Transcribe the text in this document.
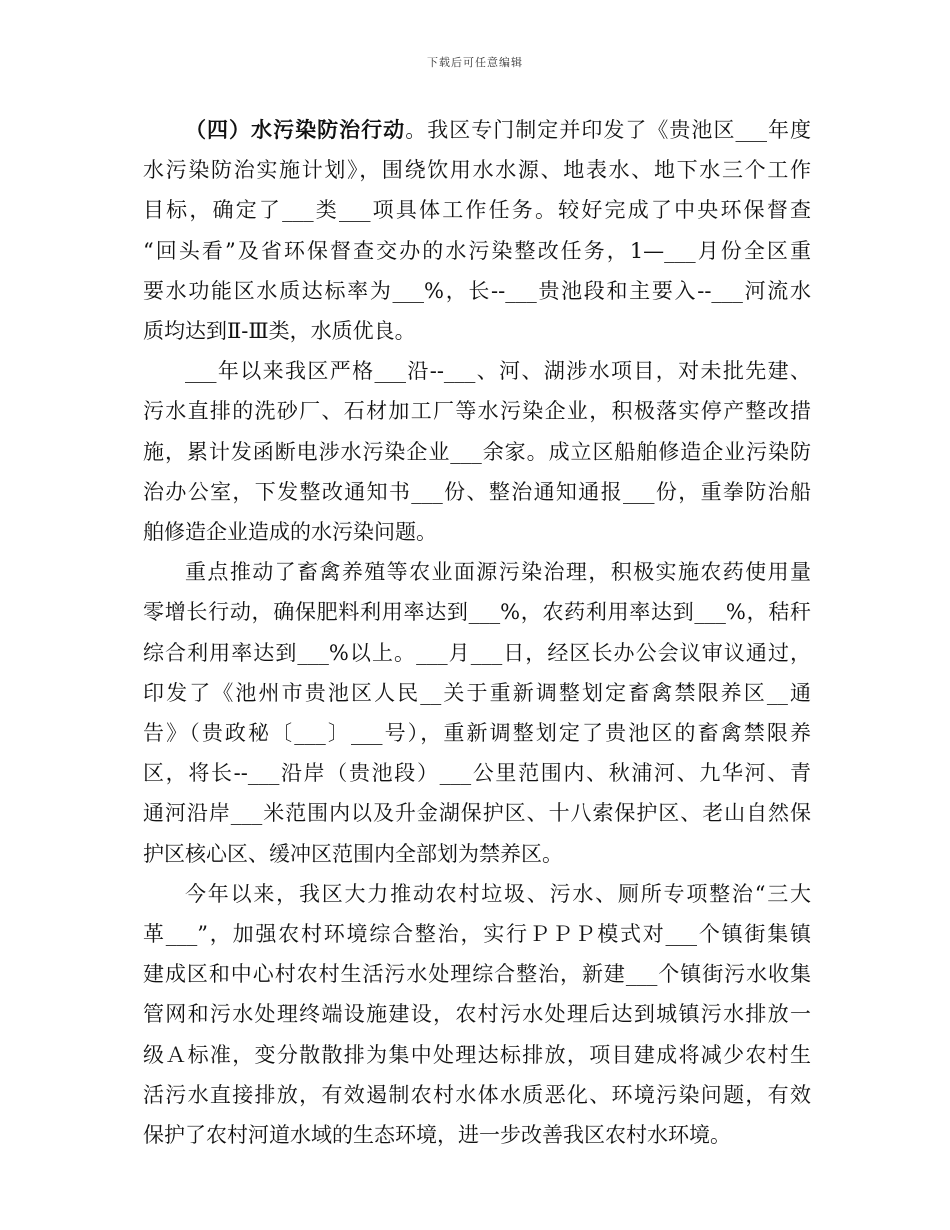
下载后可任意编辑
（四）水污染防治行动。我区专门制定并印发了《贵池区___年度
水污染防治实施计划》，围绕饮用水水源、地表水、地下水三个工作
目标，确定了___类___项具体工作任务。较好完成了中央环保督查
“回头看”及省环保督查交办的水污染整改任务，1—___月份全区重
要水功能区水质达标率为___%，长--___贵池段和主要入--___河流水
质均达到Ⅱ-Ⅲ类，水质优良。
___年以来我区严格___沿--___、河、湖涉水项目，对未批先建、
污水直排的洗砂厂、石材加工厂等水污染企业，积极落实停产整改措
施，累计发函断电涉水污染企业___余家。成立区船舶修造企业污染防
治办公室，下发整改通知书___份、整治通知通报___份，重拳防治船
舶修造企业造成的水污染问题。
重点推动了畜禽养殖等农业面源污染治理，积极实施农药使用量
零增长行动，确保肥料利用率达到___%，农药利用率达到___%，秸秆
综合利用率达到___%以上。___月___日，经区长办公会议审议通过，
印发了《池州市贵池区人民__关于重新调整划定畜禽禁限养区__通
告》（贵政秘〔___〕___号），重新调整划定了贵池区的畜禽禁限养
区，将长--___沿岸（贵池段）___公里范围内、秋浦河、九华河、青
通河沿岸___米范围内以及升金湖保护区、十八索保护区、老山自然保
护区核心区、缓冲区范围内全部划为禁养区。
今年以来，我区大力推动农村垃圾、污水、厕所专项整治“三大
革___”，加强农村环境综合整治，实行ＰＰＰ模式对___个镇街集镇
建成区和中心村农村生活污水处理综合整治，新建___个镇街污水收集
管网和污水处理终端设施建设，农村污水处理后达到城镇污水排放一
级Ａ标准，变分散散排为集中处理达标排放，项目建成将减少农村生
活污水直接排放，有效遏制农村水体水质恶化、环境污染问题，有效
保护了农村河道水域的生态环境，进一步改善我区农村水环境。
